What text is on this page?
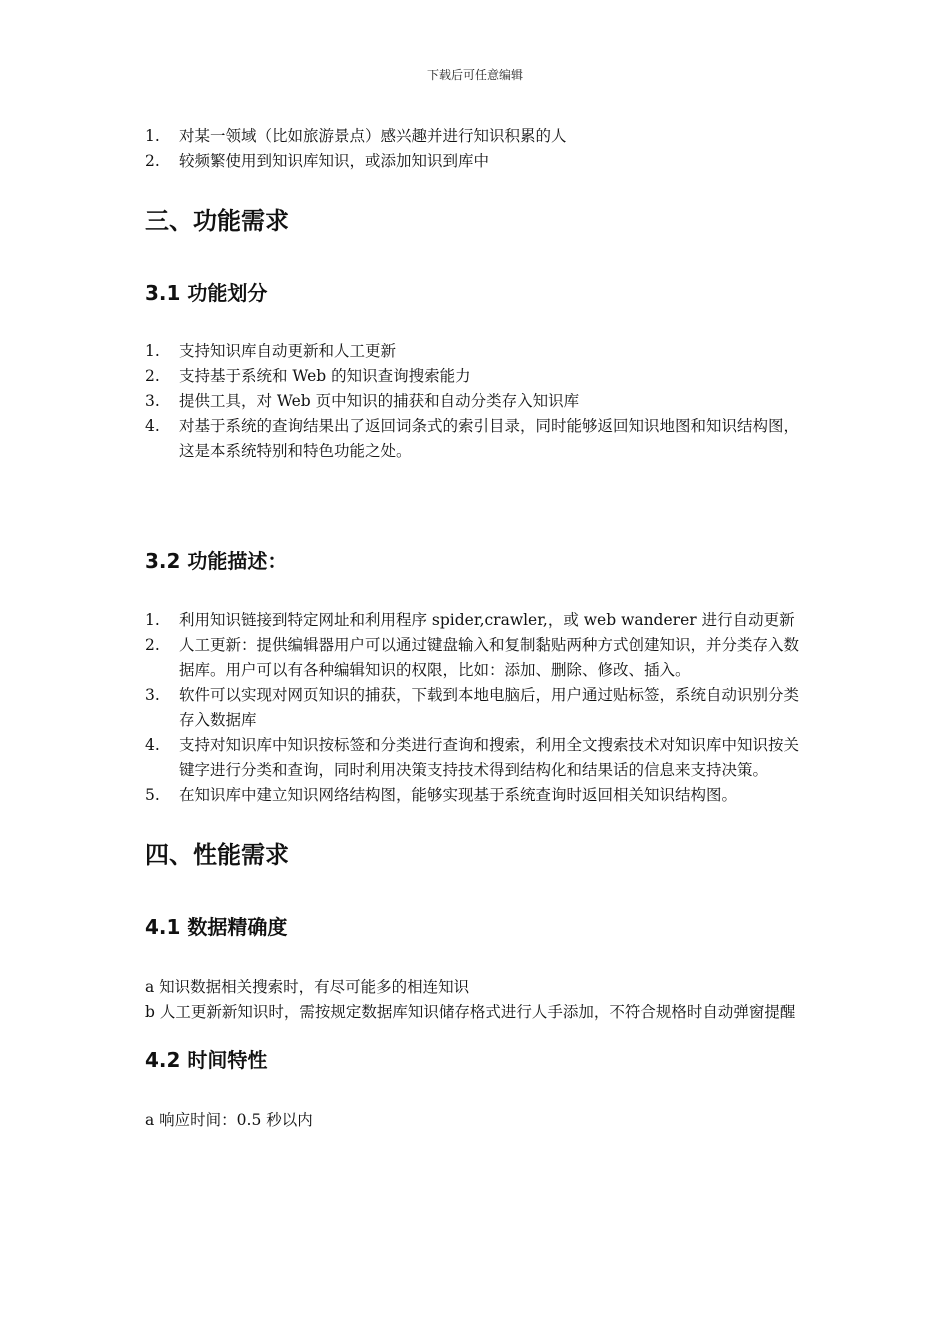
下载后可任意编辑
1. 对某一领域（比如旅游景点）感兴趣并进行知识积累的人
2. 较频繁使用到知识库知识，或添加知识到库中
三、功能需求
3.1 功能划分
1. 支持知识库自动更新和人工更新
2. 支持基于系统和 Web 的知识查询搜索能力
3. 提供工具，对 Web 页中知识的捕获和自动分类存入知识库
4. 对基于系统的查询结果出了返回词条式的索引目录，同时能够返回知识地图和知识结构图，这是本系统特别和特色功能之处。
3.2 功能描述：
1. 利用知识链接到特定网址和利用程序 spider,crawler,，或 web wanderer 进行自动更新
2. 人工更新：提供编辑器用户可以通过键盘输入和复制黏贴两种方式创建知识，并分类存入数据库。用户可以有各种编辑知识的权限，比如：添加、删除、修改、插入。
3. 软件可以实现对网页知识的捕获，下载到本地电脑后，用户通过贴标签，系统自动识别分类存入数据库
4. 支持对知识库中知识按标签和分类进行查询和搜索，利用全文搜索技术对知识库中知识按关键字进行分类和查询，同时利用决策支持技术得到结构化和结果话的信息来支持决策。
5. 在知识库中建立知识网络结构图，能够实现基于系统查询时返回相关知识结构图。
四、性能需求
4.1 数据精确度

a 知识数据相关搜索时，有尽可能多的相连知识

b 人工更新新知识时，需按规定数据库知识储存格式进行人手添加，不符合规格时自动弹窗提醒

4.2 时间特性

a 响应时间：0.5 秒以内
